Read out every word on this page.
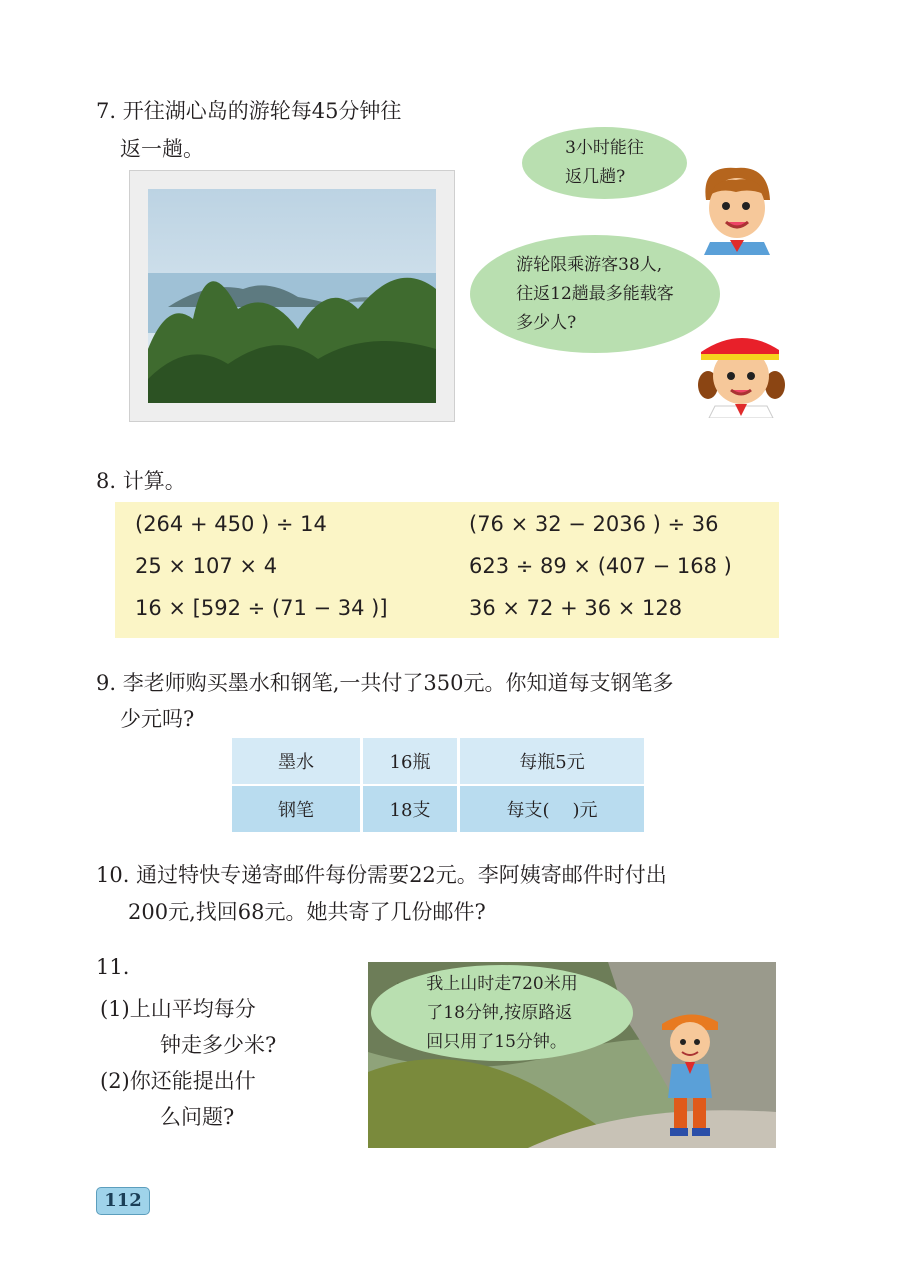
7. 开往湖心岛的游轮每45分钟往
返一趟。	3小时能往
返几趟?
游轮限乘游客38人,
往返12趟最多能载客
多少人?
8. 计算。
(264 + 450 ) ÷ 14	(76 × 32 − 2036 ) ÷ 36
25 × 107 × 4	623 ÷ 89 × (407 − 168 )
16 × [592 ÷ (71 − 34 )]	36 × 72 + 36 × 128
9. 李老师购买墨水和钢笔,一共付了350元。你知道每支钢笔多
少元吗?
墨水	16瓶	每瓶5元
钢笔	18支	每支(    )元
10. 通过特快专递寄邮件每份需要22元。李阿姨寄邮件时付出
200元,找回68元。她共寄了几份邮件?
11.
(1)上山平均每分
钟走多少米?
(2)你还能提出什
么问题?
我上山时走720米用
了18分钟,按原路返
回只用了15分钟。
112
